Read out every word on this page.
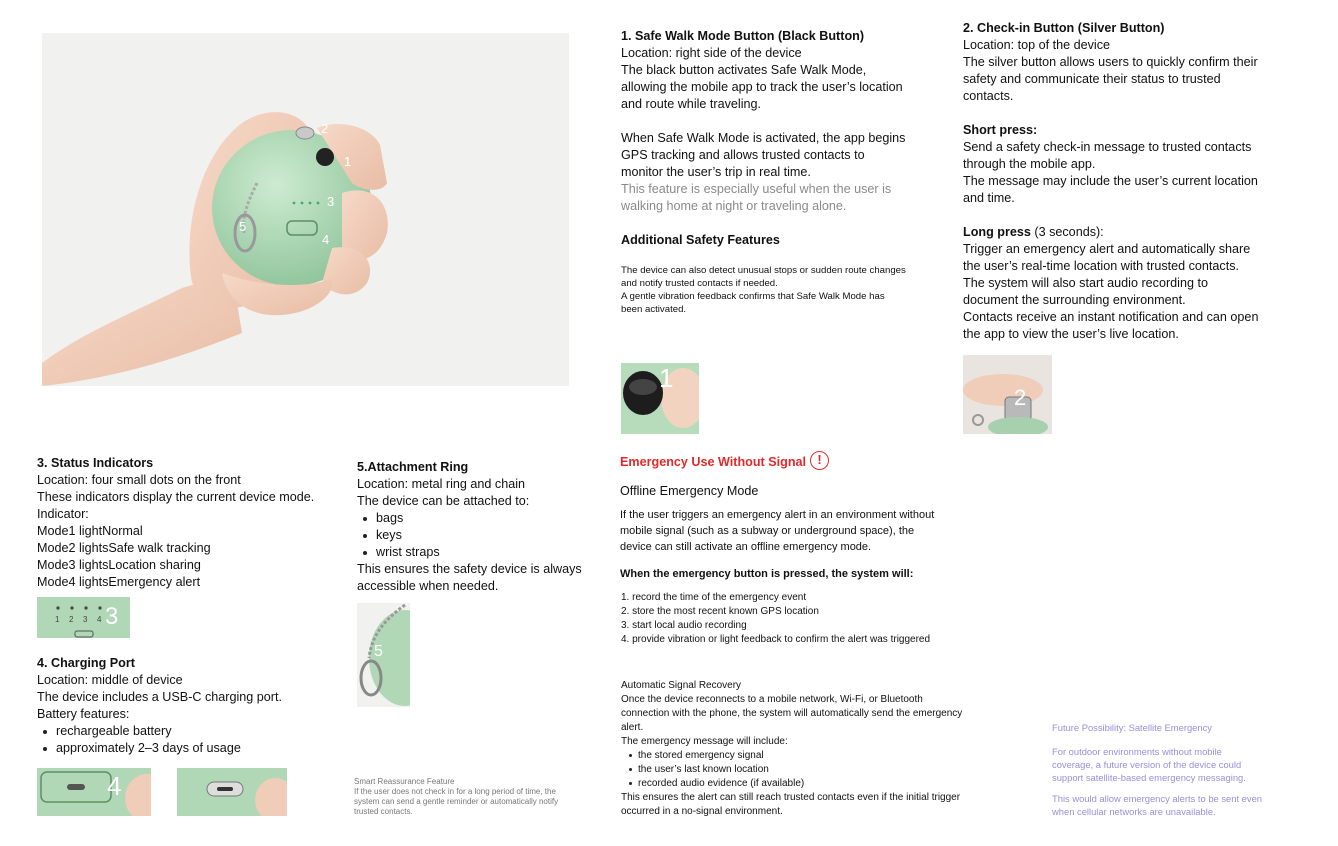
2
1
3
5
4
1. Safe Walk Mode Button (Black Button)
Location: right side of the device
The black button activates Safe Walk Mode,
allowing the mobile app to track the user’s location
and route while traveling.
When Safe Walk Mode is activated, the app begins
GPS tracking and allows trusted contacts to
monitor the user’s trip in real time.
This feature is especially useful when the user is
walking home at night or traveling alone.
Additional Safety Features
The device can also detect unusual stops or sudden route changes
and notify trusted contacts if needed.
A gentle vibration feedback confirms that Safe Walk Mode has
been activated.
1
2. Check-in Button (Silver Button)
Location: top of the device
The silver button allows users to quickly confirm their
safety and communicate their status to trusted
contacts.
Short press:
Send a safety check-in message to trusted contacts
through the mobile app.
The message may include the user’s current location
and time.
Long press (3 seconds):
Trigger an emergency alert and automatically share
the user’s real-time location with trusted contacts.
The system will also start audio recording to
document the surrounding environment.
Contacts receive an instant notification and can open
the app to view the user’s live location.
2
3. Status Indicators
Location: four small dots on the front
These indicators display the current device mode.
Indicator:
Mode1 lightNormal
Mode2 lightsSafe walk tracking
Mode3 lightsLocation sharing
Mode4 lightsEmergency alert
1 2 3 4 3
4. Charging Port
Location: middle of device
The device includes a USB-C charging port.
Battery features:
rechargeable battery
approximately 2–3 days of usage
4
5.Attachment Ring
Location: metal ring and chain
The device can be attached to:
bags
keys
wrist straps
This ensures the safety device is always
accessible when needed.
5
Smart Reassurance Feature
If the user does not check in for a long period of time, the
system can send a gentle reminder or automatically notify
trusted contacts.
Emergency Use Without Signal !
Offline Emergency Mode
If the user triggers an emergency alert in an environment without
mobile signal (such as a subway or underground space), the
device can still activate an offline emergency mode.
When the emergency button is pressed, the system will:
1. record the time of the emergency event
2. store the most recent known GPS location
3. start local audio recording
4. provide vibration or light feedback to confirm the alert was triggered
Automatic Signal Recovery
Once the device reconnects to a mobile network, Wi-Fi, or Bluetooth
connection with the phone, the system will automatically send the emergency
alert.
The emergency message will include:
the stored emergency signal
the user’s last known location
recorded audio evidence (if available)
This ensures the alert can still reach trusted contacts even if the initial trigger
occurred in a no-signal environment.
Future Possibility: Satellite Emergency
For outdoor environments without mobile
coverage, a future version of the device could
support satellite-based emergency messaging.
This would allow emergency alerts to be sent even
when cellular networks are unavailable.
